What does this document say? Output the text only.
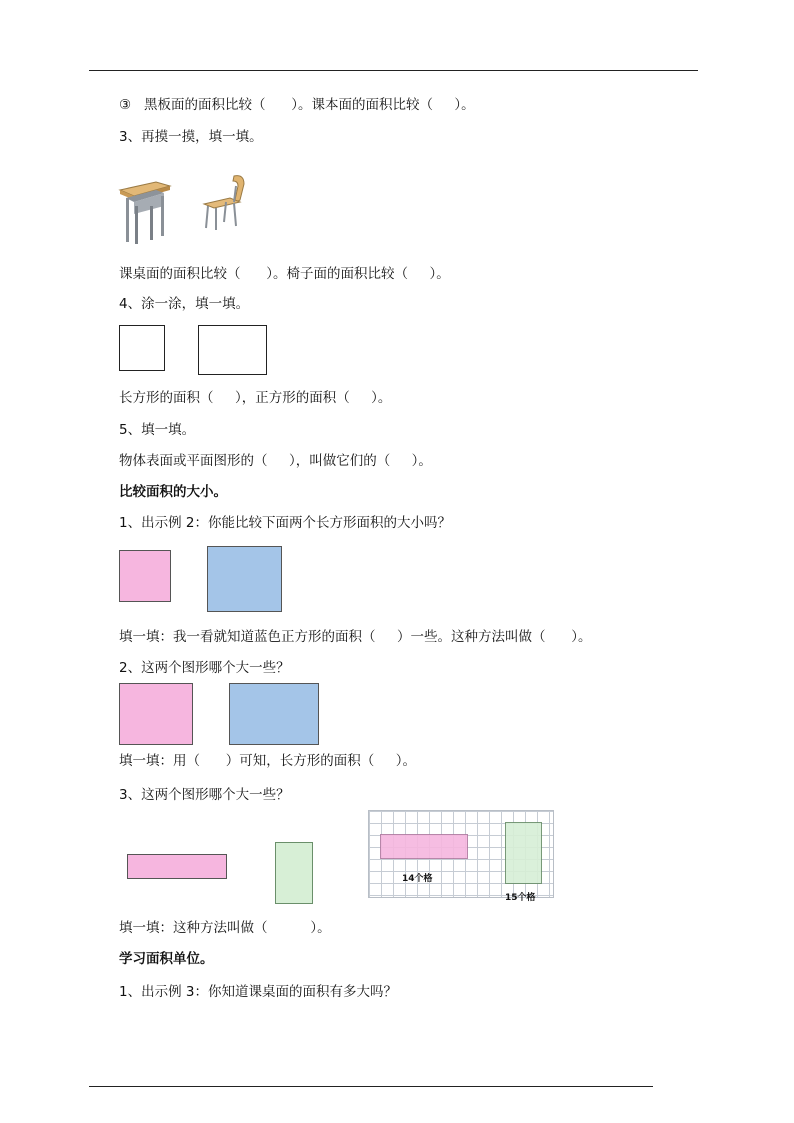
③   黑板面的面积比较（      ）。课本面的面积比较（     ）。
3、再摸一摸，填一填。
课桌面的面积比较（      ）。椅子面的面积比较（     ）。
4、涂一涂，填一填。
长方形的面积（     ），正方形的面积（     ）。
5、填一填。
物体表面或平面图形的（     ），叫做它们的（     ）。
比较面积的大小。
1、出示例 2：你能比较下面两个长方形面积的大小吗？
填一填：我一看就知道蓝色正方形的面积（     ）一些。这种方法叫做（      ）。
2、这两个图形哪个大一些？
填一填：用（      ）可知，长方形的面积（     ）。
3、这两个图形哪个大一些？
14个格
15个格
填一填：这种方法叫做（          ）。
学习面积单位。
1、出示例 3：你知道课桌面的面积有多大吗？
